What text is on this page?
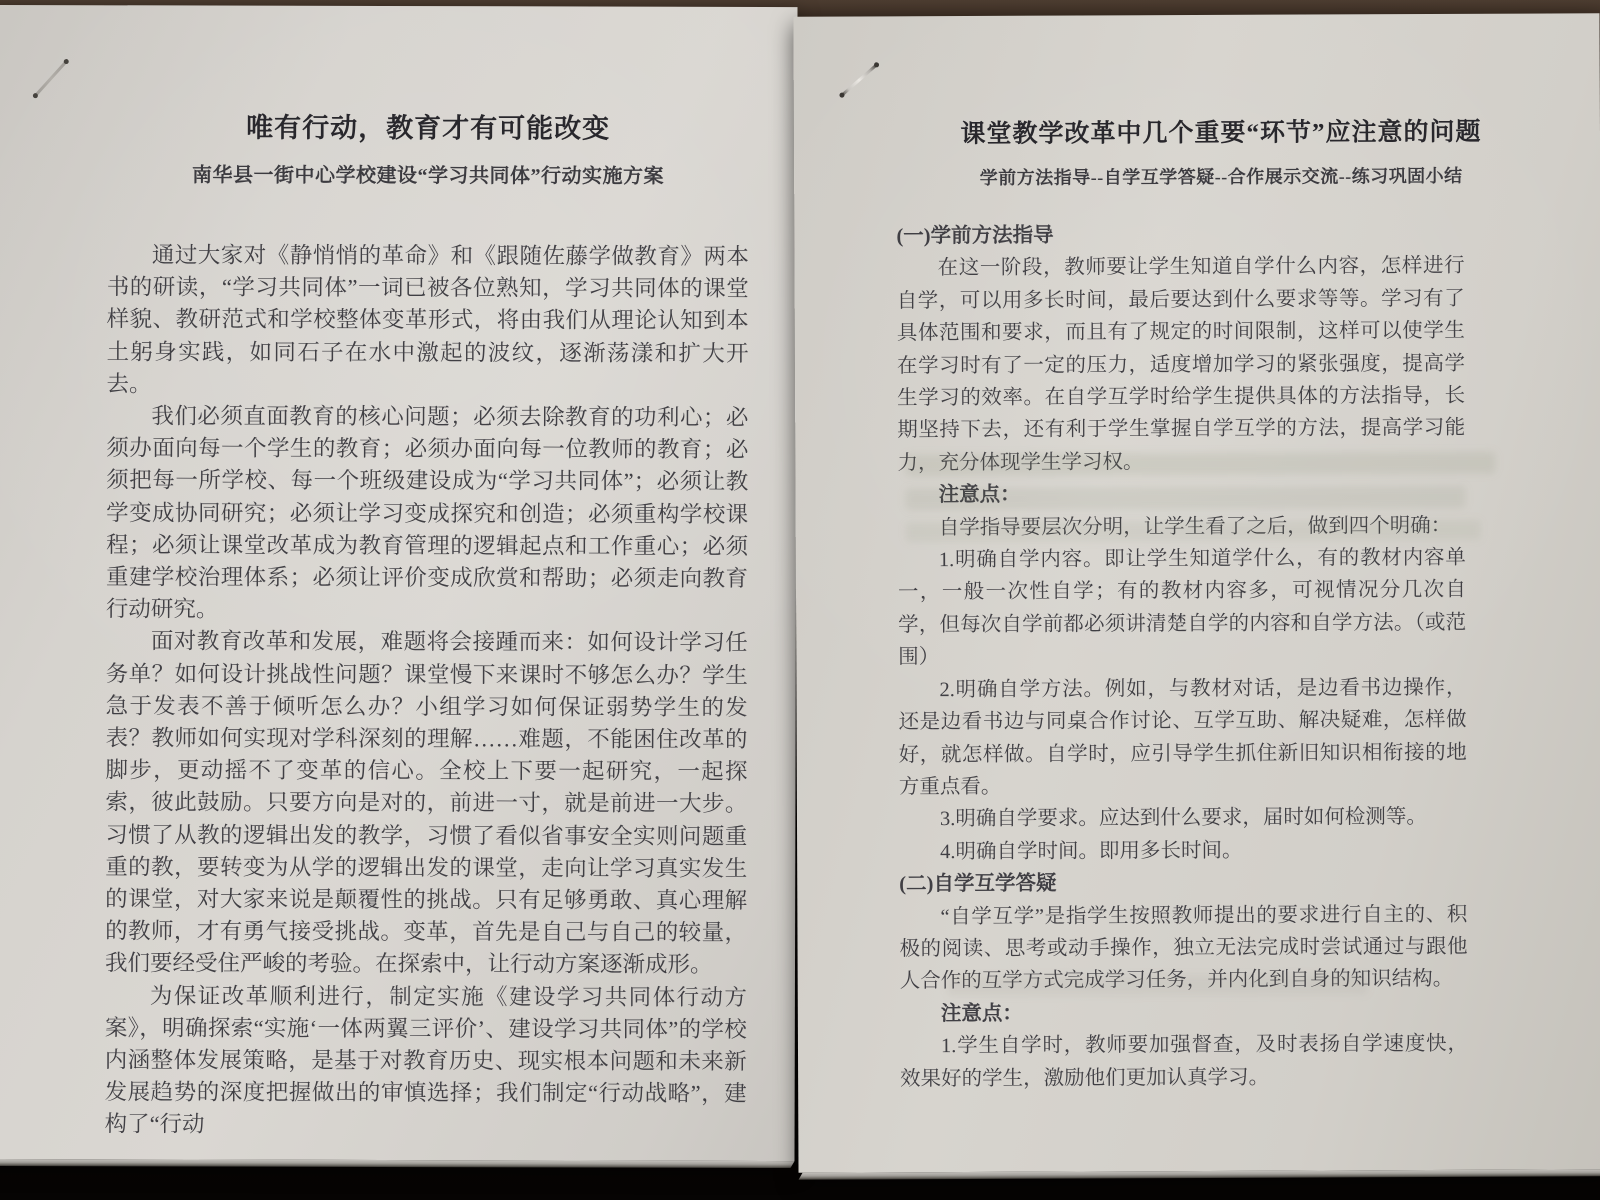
唯有行动，教育才有可能改变
南华县一街中心学校建设“学习共同体”行动实施方案

通过大家对《静悄悄的革命》和《跟随佐藤学做教育》两本书的研读，“学习共同体”一词已被各位熟知，学习共同体的课堂样貌、教研范式和学校整体变革形式，将由我们从理论认知到本土躬身实践，如同石子在水中激起的波纹，逐渐荡漾和扩大开去。

我们必须直面教育的核心问题；必须去除教育的功利心；必须办面向每一个学生的教育；必须办面向每一位教师的教育；必须把每一所学校、每一个班级建设成为“学习共同体”；必须让教学变成协同研究；必须让学习变成探究和创造；必须重构学校课程；必须让课堂改革成为教育管理的逻辑起点和工作重心；必须重建学校治理体系；必须让评价变成欣赏和帮助；必须走向教育行动研究。

面对教育改革和发展，难题将会接踵而来：如何设计学习任务单？如何设计挑战性问题？课堂慢下来课时不够怎么办？学生急于发表不善于倾听怎么办？小组学习如何保证弱势学生的发表？教师如何实现对学科深刻的理解……难题，不能困住改革的脚步，更动摇不了变革的信心。全校上下要一起研究，一起探索，彼此鼓励。只要方向是对的，前进一寸，就是前进一大步。习惯了从教的逻辑出发的教学，习惯了看似省事安全实则问题重重的教，要转变为从学的逻辑出发的课堂，走向让学习真实发生的课堂，对大家来说是颠覆性的挑战。只有足够勇敢、真心理解的教师，才有勇气接受挑战。变革，首先是自己与自己的较量，我们要经受住严峻的考验。在探索中，让行动方案逐渐成形。

为保证改革顺利进行，制定实施《建设学习共同体行动方案》，明确探索“实施‘一体两翼三评价’、建设学习共同体”的学校内涵整体发展策略，是基于对教育历史、现实根本问题和未来新发展趋势的深度把握做出的审慎选择；我们制定“行动战略”，建构了“行动

课堂教学改革中几个重要“环节”应注意的问题
学前方法指导--自学互学答疑--合作展示交流--练习巩固小结

(一)学前方法指导

在这一阶段，教师要让学生知道自学什么内容，怎样进行自学，可以用多长时间，最后要达到什么要求等等。学习有了具体范围和要求，而且有了规定的时间限制，这样可以使学生在学习时有了一定的压力，适度增加学习的紧张强度，提高学生学习的效率。在自学互学时给学生提供具体的方法指导，长期坚持下去，还有利于学生掌握自学互学的方法，提高学习能力，充分体现学生学习权。

注意点：

自学指导要层次分明，让学生看了之后，做到四个明确：

1.明确自学内容。即让学生知道学什么，有的教材内容单一，一般一次性自学；有的教材内容多，可视情况分几次自学，但每次自学前都必须讲清楚自学的内容和自学方法。（或范围）

2.明确自学方法。例如，与教材对话，是边看书边操作，还是边看书边与同桌合作讨论、互学互助、解决疑难，怎样做好，就怎样做。自学时，应引导学生抓住新旧知识相衔接的地方重点看。

3.明确自学要求。应达到什么要求，届时如何检测等。

4.明确自学时间。即用多长时间。

(二)自学互学答疑

“自学互学”是指学生按照教师提出的要求进行自主的、积极的阅读、思考或动手操作，独立无法完成时尝试通过与跟他人合作的互学方式完成学习任务，并内化到自身的知识结构。

注意点：

1.学生自学时，教师要加强督查，及时表扬自学速度快，效果好的学生，激励他们更加认真学习。
